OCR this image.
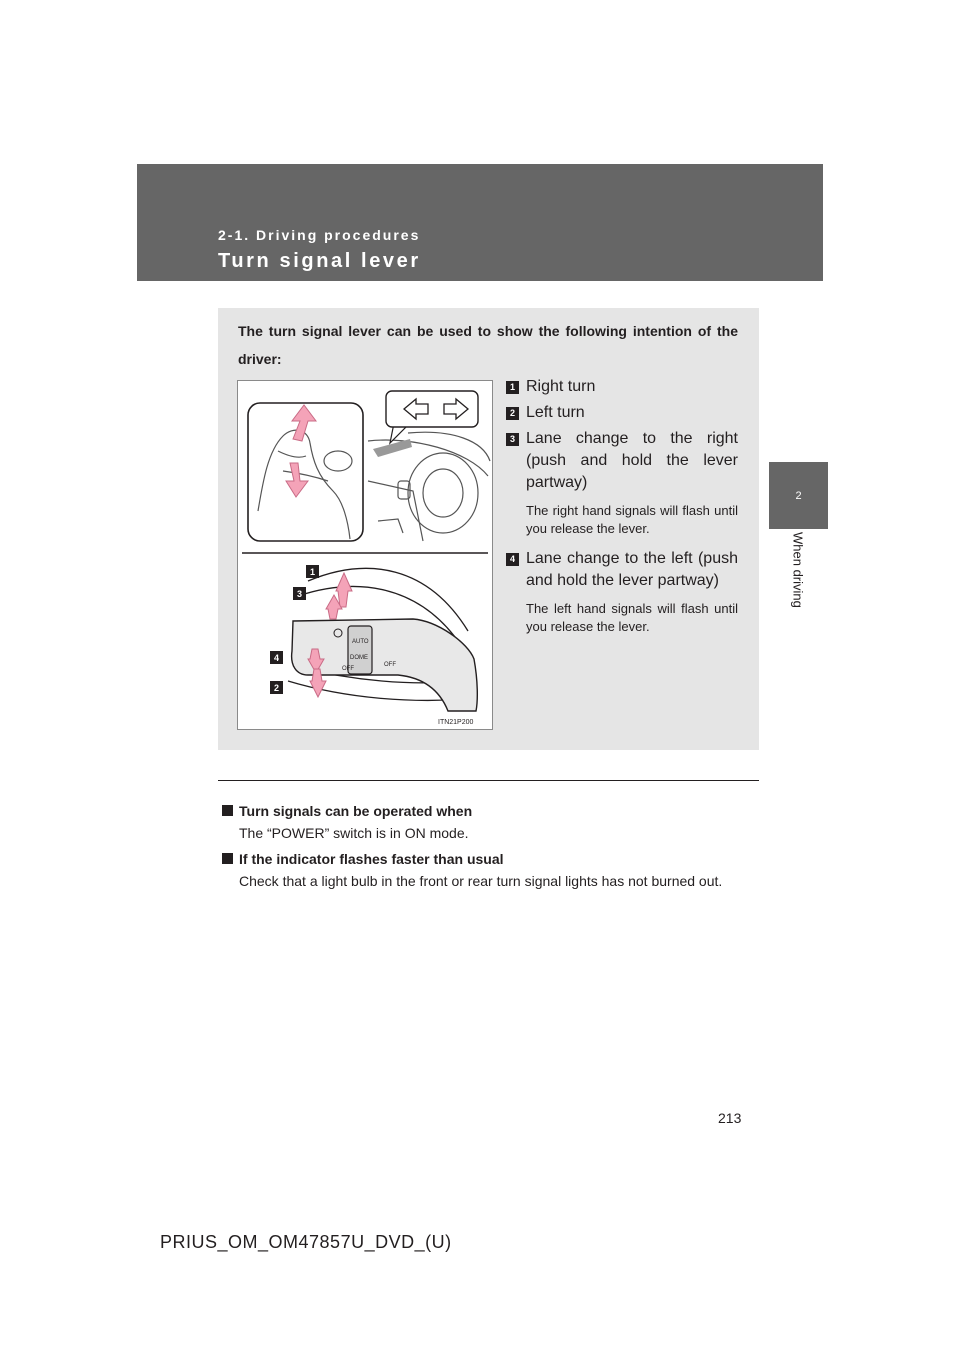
2-1. Driving procedures
Turn signal lever
2
When driving
The turn signal lever can be used to show the following intention of the driver:
AUTO
DOME
OFF
OFF
1
3
4
2
ITN21P200
1 Right turn
2 Left turn
3 Lane change to the right (push and hold the lever partway)
The right hand signals will flash until you release the lever.
4 Lane change to the left (push and hold the lever partway)
The left hand signals will flash until you release the lever.
Turn signals can be operated when
The “POWER” switch is in ON mode.
If the indicator flashes faster than usual
Check that a light bulb in the front or rear turn signal lights has not burned out.
213
PRIUS_OM_OM47857U_DVD_(U)
